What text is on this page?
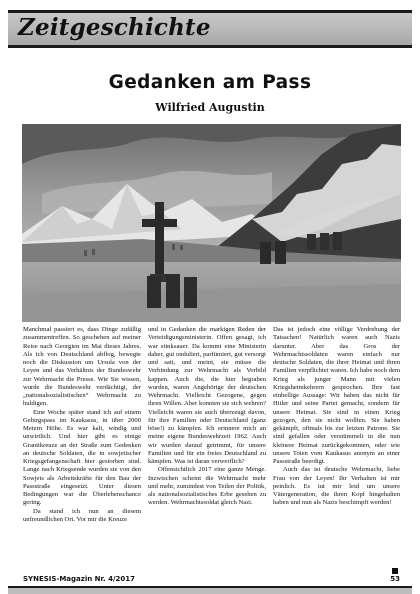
Zeitgeschichte
Gedanken am Pass
Wilfried Augustin

Manchmal passiert es, dass Dinge zufällig zusammentreffen. So geschehen auf meiner Reise nach Georgien im Mai dieses Jahres. Als ich von Deutschland abflog, bewegte noch die Diskussion um Ursula von der Leyen und das Verhältnis der Bundeswehr zur Wehrmacht die Presse. Wie Sie wissen, wurde die Bundeswehr verdächtigt, der „nationalsozialistischen“ Wehrmacht zu huldigen.

Eine Woche später stand ich auf einem Gebirgspass im Kaukasus, in über 2000 Metern Höhe. Es war kalt, windig und unwirtlich. Und hier gibt es einige Granitkreuze an der Straße zum Gedenken an deutsche Soldaten, die in sowjetischer Kriegsgefangenschaft hier gestorben sind. Lange nach Kriegsende wurden sie von den Sowjets als Arbeitskräfte für den Bau der Passstraße eingesetzt. Unter diesen Bedingungen war die Überlebenschance gering.

Da stand ich nun an diesem unfreundlichen Ort. Vor mir die Kreuze

und in Gedanken die markigen Reden der Verteidigungsministerin. Offen gesagt, ich war stinksauer. Da kommt eine Ministerin daher, gut onduliert, parfümiert, gut versorgt und satt, und meint, sie müsse die Verbindung zur Wehrmacht als Vorbild kappen. Auch die, die hier begraben wurden, waren Angehörige der deutschen Wehrmacht. Vielleicht Gezogene, gegen ihren Willen. Aber konnten sie sich wehren? Vielleicht waren sie auch überzeugt davon, für ihre Familien oder Deutschland (ganz böse!) zu kämpfen. Ich erinnere mich an meine eigene Bundeswehrzeit 1962. Auch wir wurden darauf getrimmt, für unsere Familien und für ein freies Deutschland zu kämpfen. Was ist daran verwerflich?

Offensichtlich 2017 eine ganze Menge. Inzwischen scheint die Wehrmacht mehr und mehr, zumindest von Teilen der Politik, als nationalsozialistisches Erbe gesehen zu werden. Wehrmachtssoldat gleich Nazi.

Das ist jedoch eine völlige Verdrehung der Tatsachen! Natürlich waren auch Nazis darunter. Aber das Gros der Wehrmachtssoldaten waren einfach nur deutsche Soldaten, die ihrer Heimat und ihren Familien verpflichtet waren. Ich habe noch dem Krieg als junger Mann mit vielen Kriegsheimkehrern gesprochen. Ihre fast einhellige Aussage: Wir haben das nicht für Hitler und seine Partei gemacht, sondern für unsere Heimat. Sie sind in einen Krieg gezogen, den sie nicht wollten. Sie haben gekämpft, oftmals bis zur letzten Patrone. Sie sind gefallen oder verstümmelt in die nun kleinere Heimat zurückgekommen, oder wie unsere Toten vom Kaukasus anonym an einer Passstraße beerdigt.

Auch das ist deutsche Wehrmacht, liebe Frau von der Leyen! Ihr Verhalten ist mir peinlich. Es tut mir leid um unsere Vätergeneration, die ihren Kopf hingehalten haben und nun als Nazis beschimpft werden!

SYNESIS-Magazin Nr. 4/2017	53
